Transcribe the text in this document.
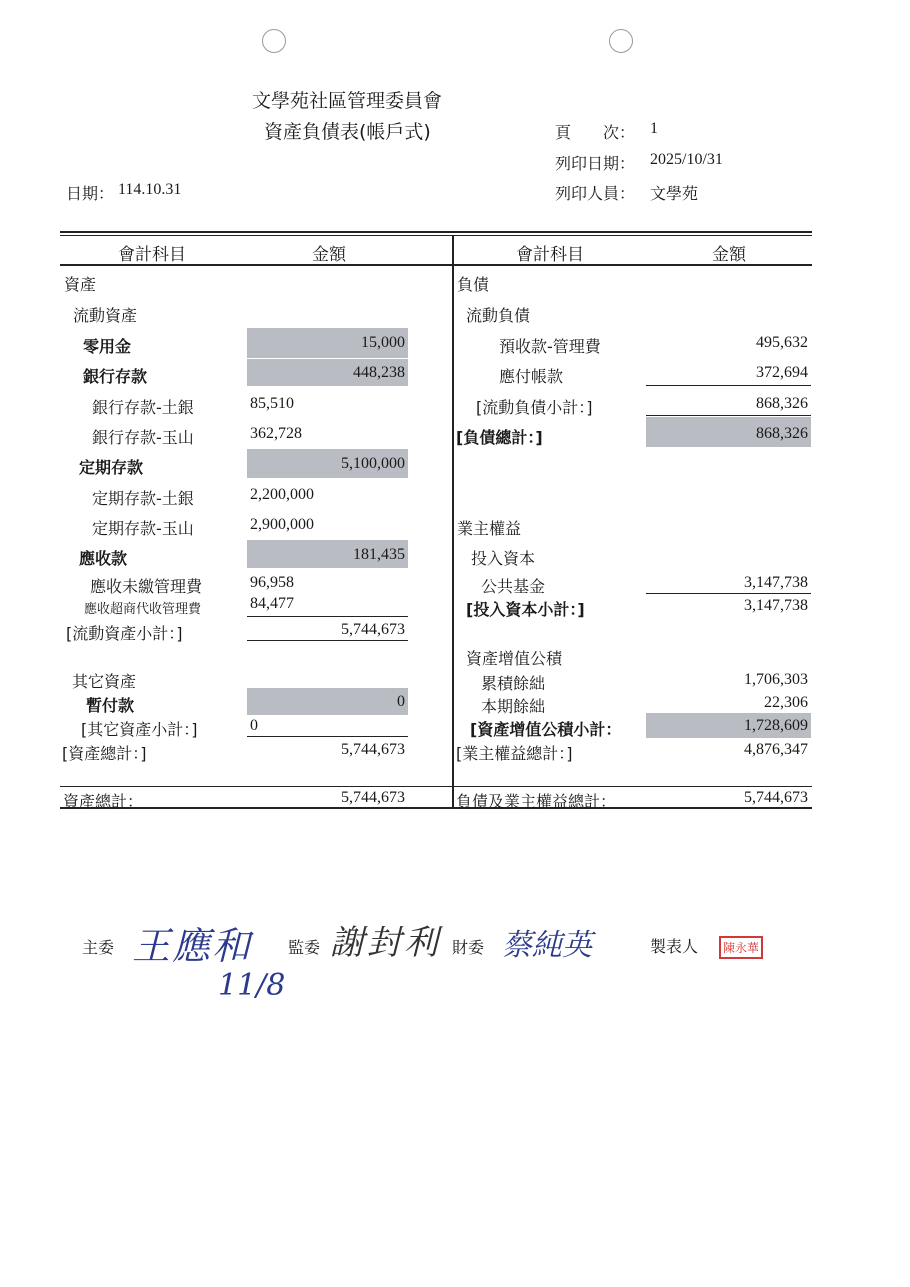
文學苑社區管理委員會
資產負債表(帳戶式)	頁　　次： 1
列印日期： 2025/10/31
列印人員： 文學苑
日期： 114.10.31
會計科目	金額	會計科目	金額
資產
流動資產
零用金	15,000
銀行存款	448,238
銀行存款-土銀	85,510
銀行存款-玉山	362,728
定期存款	5,100,000
定期存款-土銀	2,200,000
定期存款-玉山	2,900,000
應收款	181,435
應收未繳管理費	96,958
應收超商代收管理費	84,477
[流動資產小計：]	5,744,673
其它資產
暫付款	0
[其它資產小計：]	0
[資產總計：]	5,744,673
資產總計：	5,744,673
負債
流動負債
預收款-管理費	495,632
應付帳款	372,694
[流動負債小計：]	868,326
[負債總計：]	868,326
業主權益
投入資本
公共基金	3,147,738
[投入資本小計：]	3,147,738
資產增值公積
累積餘絀	1,706,303
本期餘絀	22,306
[資產增值公積小計：	1,728,609
[業主權益總計：]	4,876,347
負債及業主權益總計：	5,744,673
主委 王應和
11/8
監委 謝封利 財委 蔡純英	製表人	陳永華
